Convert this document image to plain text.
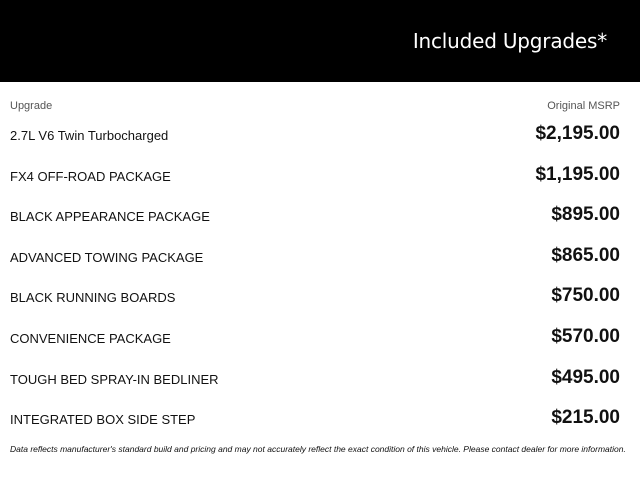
Included Upgrades*
Upgrade	Original MSRP
2.7L V6 Twin Turbocharged	$2,195.00
FX4 OFF-ROAD PACKAGE	$1,195.00
BLACK APPEARANCE PACKAGE	$895.00
ADVANCED TOWING PACKAGE	$865.00
BLACK RUNNING BOARDS	$750.00
CONVENIENCE PACKAGE	$570.00
TOUGH BED SPRAY-IN BEDLINER	$495.00
INTEGRATED BOX SIDE STEP	$215.00
Data reflects manufacturer's standard build and pricing and may not accurately reflect the exact condition of this vehicle. Please contact dealer for more information.
